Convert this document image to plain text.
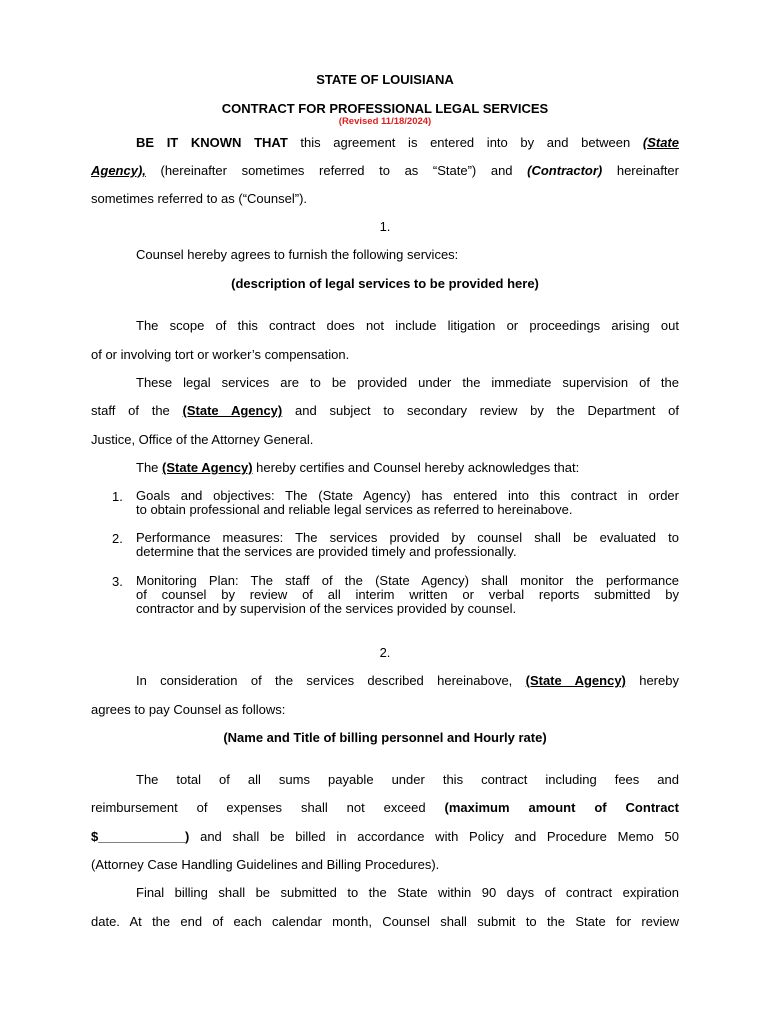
STATE OF LOUISIANA
CONTRACT FOR PROFESSIONAL LEGAL SERVICES
(Revised 11/18/2024)
BE IT KNOWN THAT this agreement is entered into by and between (State
Agency), (hereinafter sometimes referred to as “State”) and (Contractor) hereinafter
sometimes referred to as (“Counsel”).
1.
Counsel hereby agrees to furnish the following services:
(description of legal services to be provided here)
The scope of this contract does not include litigation or proceedings arising out
of or involving tort or worker’s compensation.
These legal services are to be provided under the immediate supervision of the
staff of the (State Agency) and subject to secondary review by the Department of
Justice, Office of the Attorney General.
The (State Agency) hereby certifies and Counsel hereby acknowledges that:
1. Goals and objectives: The (State Agency) has entered into this contract in order
to obtain professional and reliable legal services as referred to hereinabove.
2. Performance measures: The services provided by counsel shall be evaluated to
determine that the services are provided timely and professionally.
3. Monitoring Plan: The staff of the (State Agency) shall monitor the performance
of counsel by review of all interim written or verbal reports submitted by
contractor and by supervision of the services provided by counsel.
2.
In consideration of the services described hereinabove, (State Agency) hereby
agrees to pay Counsel as follows:
(Name and Title of billing personnel and Hourly rate)
The total of all sums payable under this contract including fees and
reimbursement of expenses shall not exceed (maximum amount of Contract
$____________) and shall be billed in accordance with Policy and Procedure Memo 50
(Attorney Case Handling Guidelines and Billing Procedures).
Final billing shall be submitted to the State within 90 days of contract expiration
date. At the end of each calendar month, Counsel shall submit to the State for review
